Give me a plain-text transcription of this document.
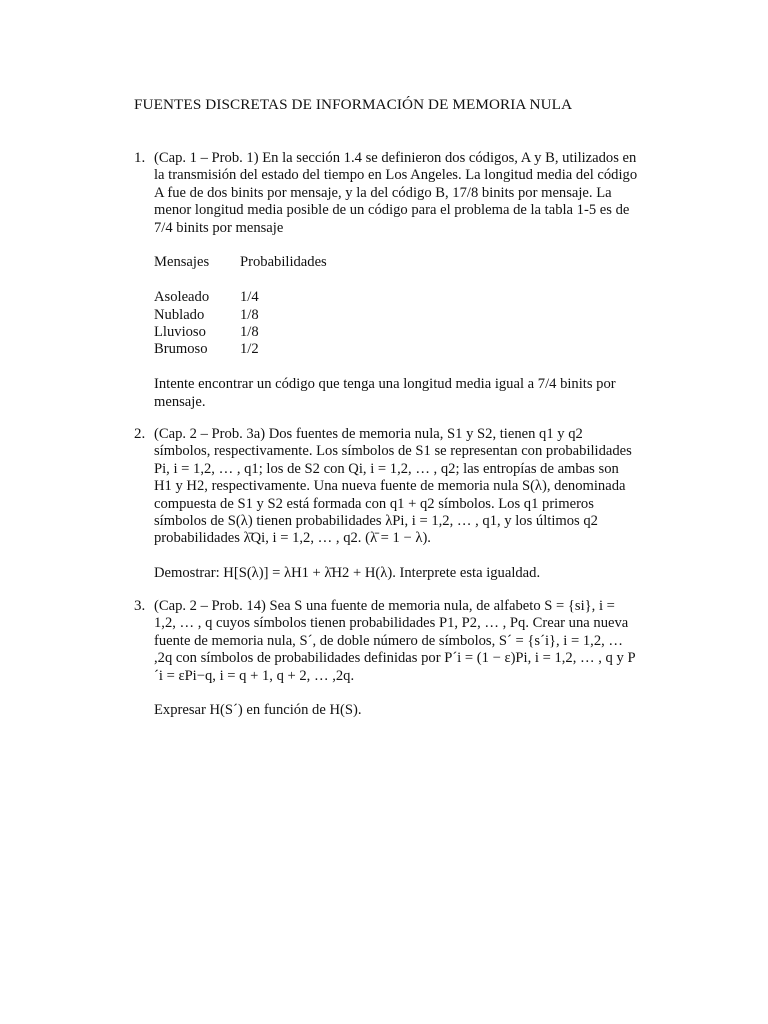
FUENTES DISCRETAS DE INFORMACIÓN DE MEMORIA NULA
1. (Cap. 1 – Prob. 1) En la sección 1.4 se definieron dos códigos, A y B, utilizados en la transmisión del estado del tiempo en Los Angeles. La longitud media del código A fue de dos binits por mensaje, y la del código B, 17/8 binits por mensaje. La menor longitud media posible de un código para el problema de la tabla 1-5 es de 7/4 binits por mensaje

Mensajes	Probabilidades

Asoleado	1/4
Nublado	1/8
Lluvioso	1/8
Brumoso	1/2

Intente encontrar un código que tenga una longitud media igual a 7/4 binits por mensaje.

2. (Cap. 2 – Prob. 3a) Dos fuentes de memoria nula, S1 y S2, tienen q1 y q2 símbolos, respectivamente. Los símbolos de S1 se representan con probabilidades Pi, i = 1,2, … , q1; los de S2 con Qi, i = 1,2, … , q2; las entropías de ambas son H1 y H2, respectivamente. Una nueva fuente de memoria nula S(λ), denominada compuesta de S1 y S2 está formada con q1 + q2 símbolos. Los q1 primeros símbolos de S(λ) tienen probabilidades λPi, i = 1,2, … , q1, y los últimos q2 probabilidades λ̄Qi, i = 1,2, … , q2. (λ̄ = 1 − λ).

Demostrar: H[S(λ)] = λH1 + λ̄H2 + H(λ). Interprete esta igualdad.

3. (Cap. 2 – Prob. 14) Sea S una fuente de memoria nula, de alfabeto S = {si}, i = 1,2, … , q cuyos símbolos tienen probabilidades P1, P2, … , Pq. Crear una nueva fuente de memoria nula, S´, de doble número de símbolos, S´ = {s´i}, i = 1,2, … ,2q con símbolos de probabilidades definidas por P´i = (1 − ε)Pi, i = 1,2, … , q y P´i = εPi−q, i = q + 1, q + 2, … ,2q.

Expresar H(S´) en función de H(S).
